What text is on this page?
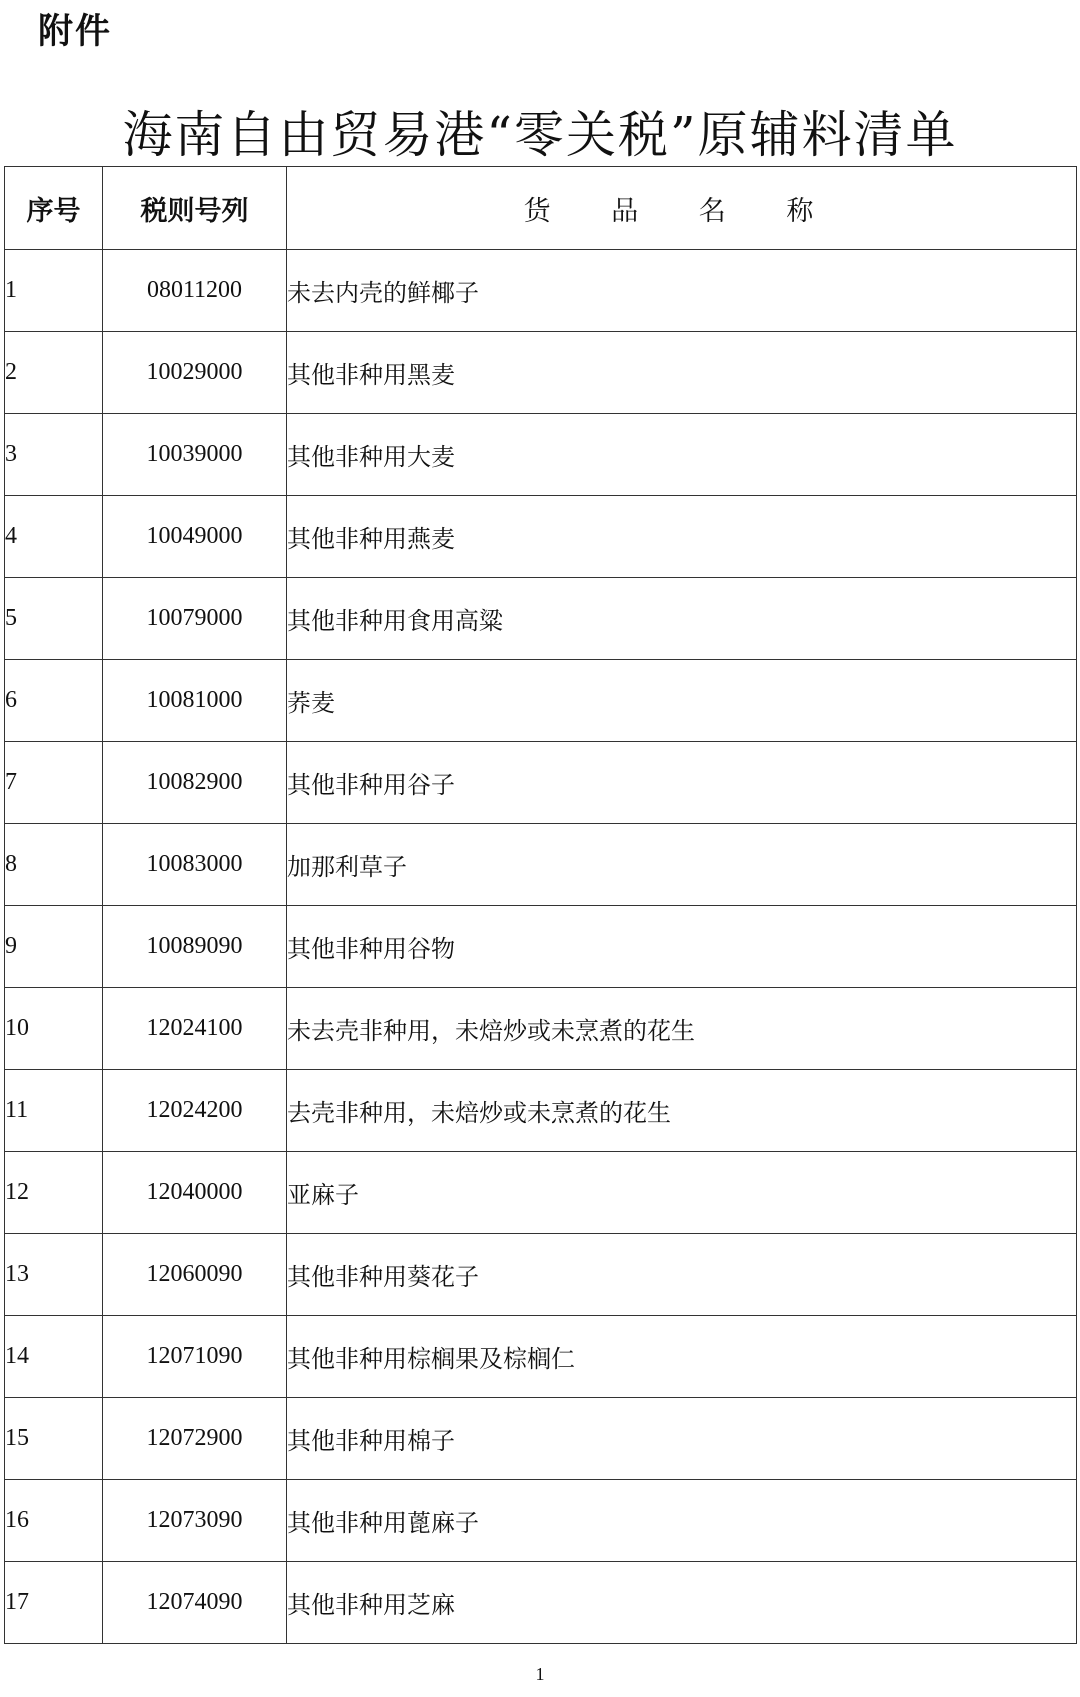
附件
海南自由贸易港“零关税”原辅料清单
序号	税则号列	货 品 名 称
1	08011200	未去内壳的鲜椰子
2	10029000	其他非种用黑麦
3	10039000	其他非种用大麦
4	10049000	其他非种用燕麦
5	10079000	其他非种用食用高粱
6	10081000	荞麦
7	10082900	其他非种用谷子
8	10083000	加那利草子
9	10089090	其他非种用谷物
10	12024100	未去壳非种用，未焙炒或未烹煮的花生
11	12024200	去壳非种用，未焙炒或未烹煮的花生
12	12040000	亚麻子
13	12060090	其他非种用葵花子
14	12071090	其他非种用棕榈果及棕榈仁
15	12072900	其他非种用棉子
16	12073090	其他非种用蓖麻子
17	12074090	其他非种用芝麻
1
